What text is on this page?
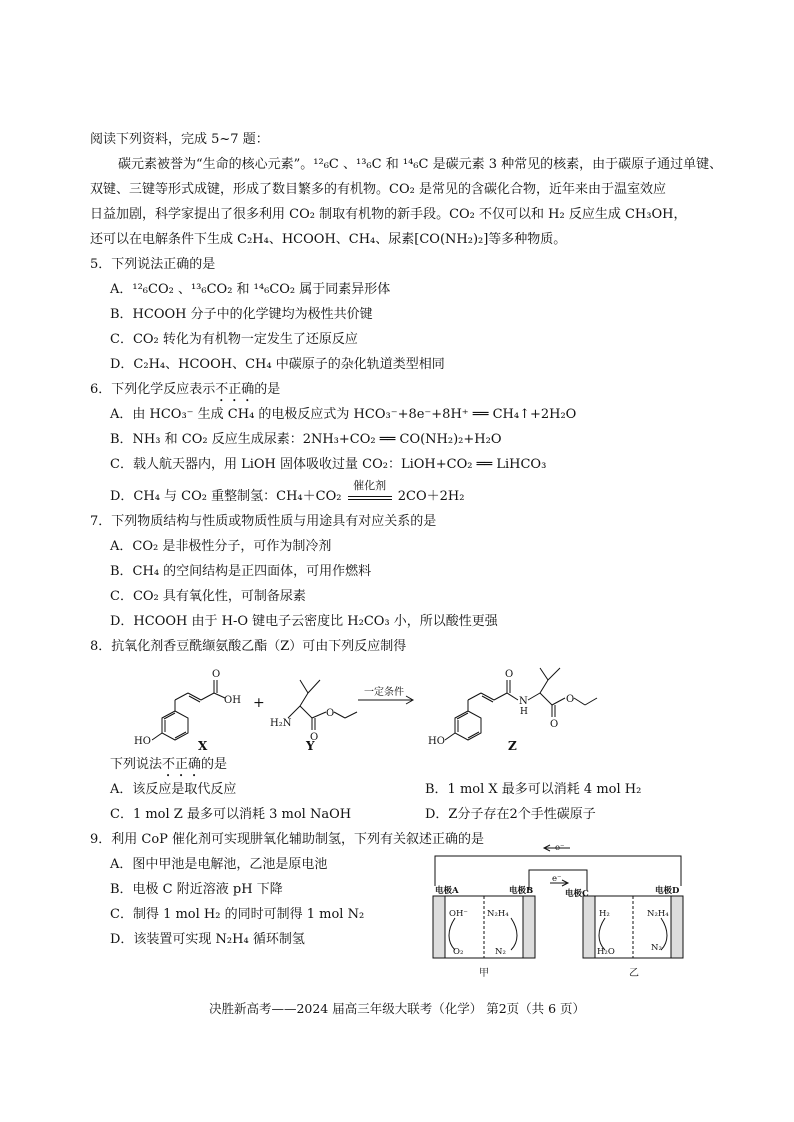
阅读下列资料，完成 5~7 题：
碳元素被誉为“生命的核心元素”。¹²₆C 、¹³₆C 和 ¹⁴₆C 是碳元素 3 种常见的核素，由于碳原子通过单键、
双键、三键等形式成键，形成了数目繁多的有机物。CO₂ 是常见的含碳化合物，近年来由于温室效应
日益加剧，科学家提出了很多利用 CO₂ 制取有机物的新手段。CO₂ 不仅可以和 H₂ 反应生成 CH₃OH，
还可以在电解条件下生成 C₂H₄、HCOOH、CH₄、尿素[CO(NH₂)₂]等多种物质。
5．下列说法正确的是
A．¹²₆CO₂ 、¹³₆CO₂ 和 ¹⁴₆CO₂ 属于同素异形体
B．HCOOH 分子中的化学键均为极性共价键
C．CO₂ 转化为有机物一定发生了还原反应
D．C₂H₄、HCOOH、CH₄ 中碳原子的杂化轨道类型相同
6．下列化学反应表示不正确的是
A．由 HCO₃⁻ 生成 CH₄ 的电极反应式为 HCO₃⁻+8e⁻+8H⁺ ══ CH₄↑+2H₂O
B．NH₃ 和 CO₂ 反应生成尿素：2NH₃+CO₂ ══ CO(NH₂)₂+H₂O
C．载人航天器内，用 LiOH 固体吸收过量 CO₂：LiOH+CO₂ ══ LiHCO₃
D．CH₄ 与 CO₂ 重整制氢：CH₄＋CO₂
催化剂
2CO＋2H₂
7．下列物质结构与性质或物质性质与用途具有对应关系的是
A．CO₂ 是非极性分子，可作为制冷剂
B．CH₄ 的空间结构是正四面体，可用作燃料
C．CO₂ 具有氧化性，可制备尿素
D．HCOOH 由于 H-O 键电子云密度比 H₂CO₃ 小，所以酸性更强
8．抗氧化剂香豆酰缬氨酸乙酯（Z）可由下列反应制得
HO
OH
O
X
+
H₂N
O
O
Y
一定条件
HO
O
N
H
O
O
Z
下列说法不正确的是
A．该反应是取代反应	B．1 mol X 最多可以消耗 4 mol H₂
C．1 mol Z 最多可以消耗 3 mol NaOH	D．Z分子存在2个手性碳原子
9．利用 CoP 催化剂可实现肼氧化辅助制氢，下列有关叙述正确的是
A．图中甲池是电解池，乙池是原电池
B．电极 C 附近溶液 pH 下降
C．制得 1 mol H₂ 的同时可制得 1 mol N₂
D．该装置可实现 N₂H₄ 循环制氢
e⁻
e⁻
电极A	电极B	电极C	电极D
OH⁻
O₂
N₂H₄
N₂
H₂
H₂O
N₂H₄
N₂
甲	乙
决胜新高考——2024 届高三年级大联考（化学） 第2页（共 6 页）
